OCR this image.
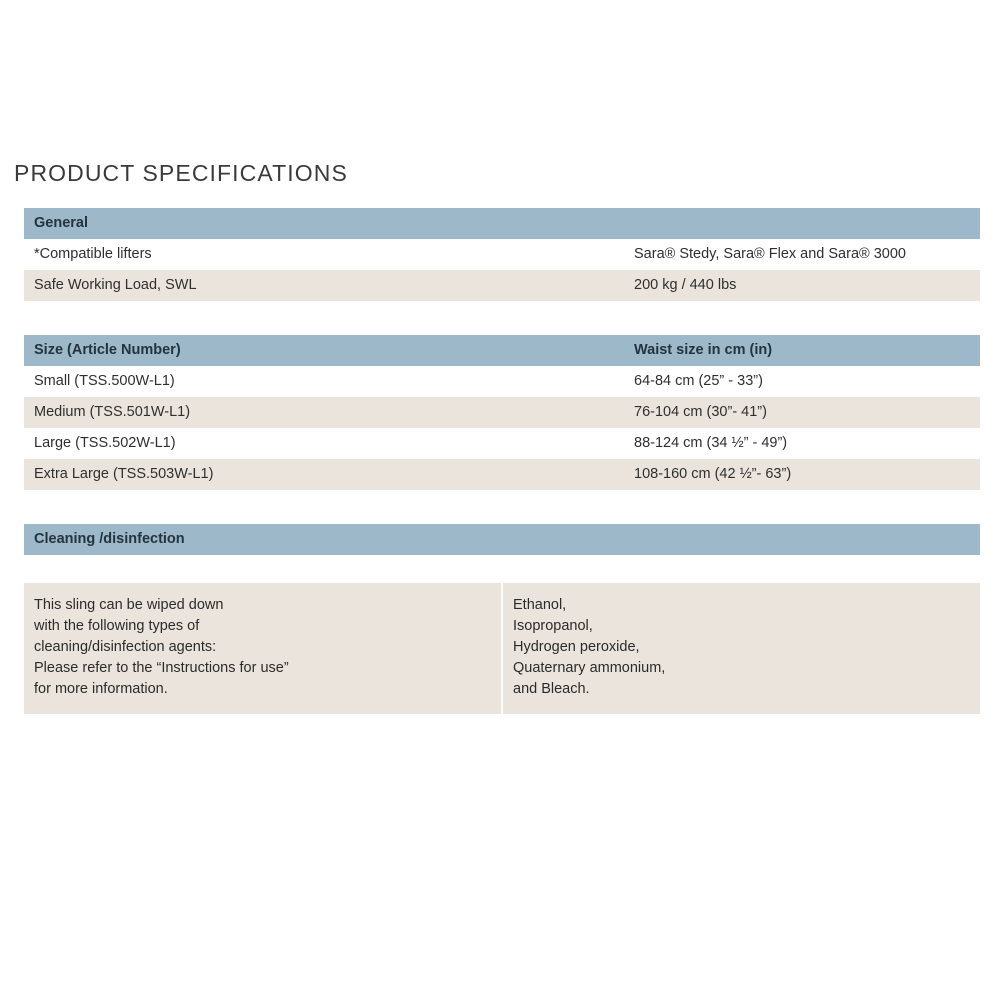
PRODUCT SPECIFICATIONS
General	
*Compatible lifters	Sara® Stedy, Sara® Flex and Sara® 3000
Safe Working Load, SWL	200 kg / 440 lbs
Size (Article Number)	Waist size in cm (in)
Small (TSS.500W-L1)	64-84 cm (25” - 33”)
Medium (TSS.501W-L1)	76-104 cm (30”- 41”)
Large (TSS.502W-L1)	88-124 cm (34 ½” - 49”)
Extra Large (TSS.503W-L1)	108-160 cm (42 ½”- 63”)
Cleaning /disinfection	
This sling can be wiped down
with the following types of
cleaning/disinfection agents:
Please refer to the “Instructions for use”
for more information.

Ethanol,
Isopropanol,
Hydrogen peroxide,
Quaternary ammonium,
and Bleach.
